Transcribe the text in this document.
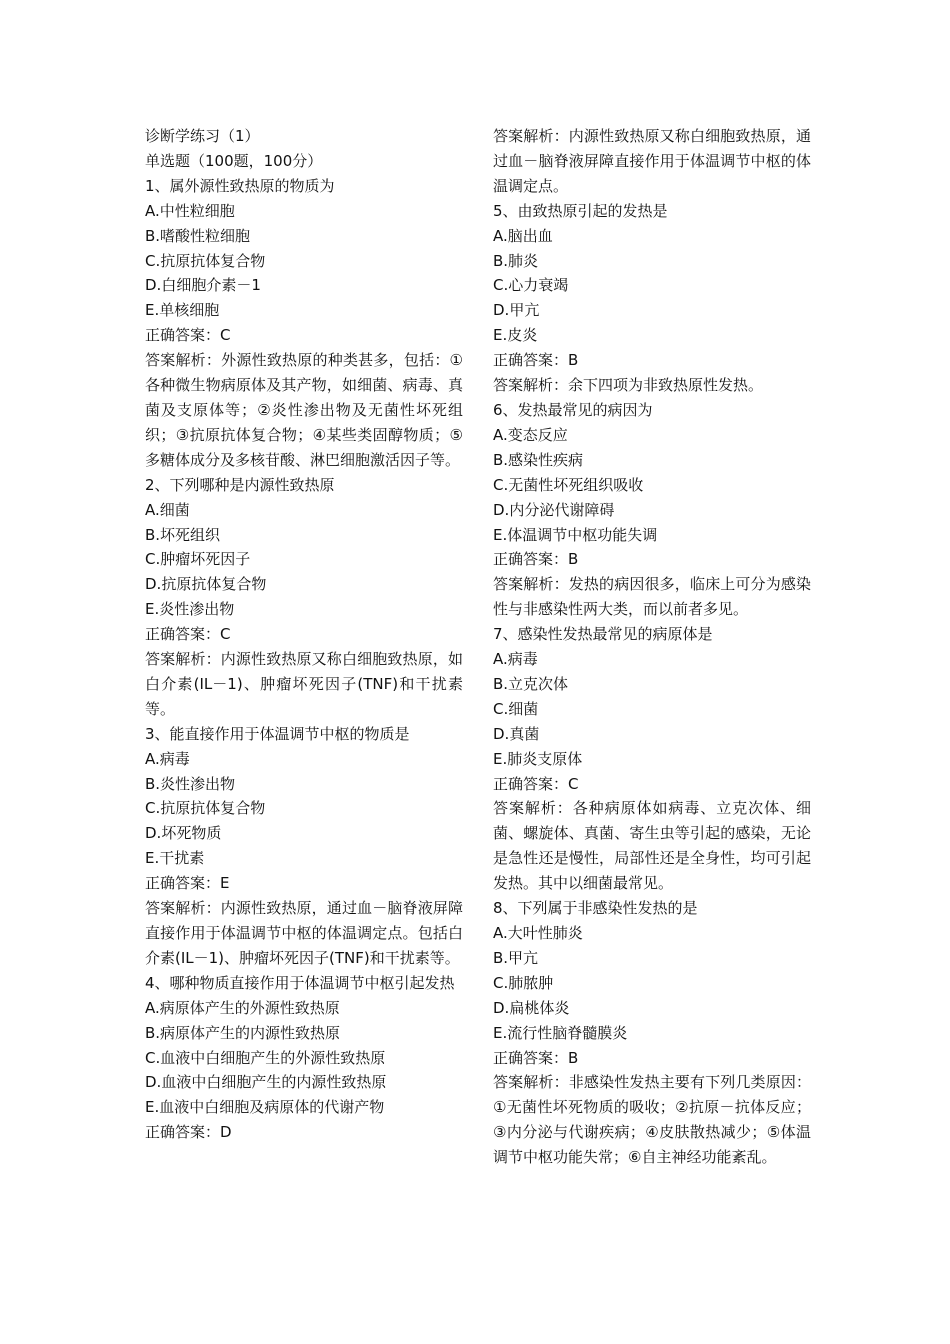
诊断学练习（1）
单选题（100题，100分）
1、属外源性致热原的物质为
A.中性粒细胞
B.嗜酸性粒细胞
C.抗原抗体复合物
D.白细胞介素－1
E.单核细胞
正确答案：C

答案解析：外源性致热原的种类甚多，包括：①各种微生物病原体及其产物，如细菌、病毒、真菌及支原体等；②炎性渗出物及无菌性坏死组织；③抗原抗体复合物；④某些类固醇物质；⑤多糖体成分及多核苷酸、淋巴细胞激活因子等。

2、下列哪种是内源性致热原
A.细菌
B.坏死组织
C.肿瘤坏死因子
D.抗原抗体复合物
E.炎性渗出物
正确答案：C

答案解析：内源性致热原又称白细胞致热原，如白介素(IL－1)、肿瘤坏死因子(TNF)和干扰素等。

3、能直接作用于体温调节中枢的物质是
A.病毒
B.炎性渗出物
C.抗原抗体复合物
D.坏死物质
E.干扰素
正确答案：E

答案解析：内源性致热原，通过血－脑脊液屏障直接作用于体温调节中枢的体温调定点。包括白介素(IL－1)、肿瘤坏死因子(TNF)和干扰素等。

4、哪种物质直接作用于体温调节中枢引起发热

A.病原体产生的外源性致热原
B.病原体产生的内源性致热原
C.血液中白细胞产生的外源性致热原
D.血液中白细胞产生的内源性致热原
E.血液中白细胞及病原体的代谢产物
正确答案：D

答案解析：内源性致热原又称白细胞致热原，通过血－脑脊液屏障直接作用于体温调节中枢的体温调定点。

5、由致热原引起的发热是
A.脑出血
B.肺炎
C.心力衰竭
D.甲亢
E.皮炎
正确答案：B

答案解析：余下四项为非致热原性发热。

6、发热最常见的病因为
A.变态反应
B.感染性疾病
C.无菌性坏死组织吸收
D.内分泌代谢障碍
E.体温调节中枢功能失调
正确答案：B

答案解析：发热的病因很多，临床上可分为感染性与非感染性两大类，而以前者多见。

7、感染性发热最常见的病原体是
A.病毒
B.立克次体
C.细菌
D.真菌
E.肺炎支原体
正确答案：C

答案解析：各种病原体如病毒、立克次体、细菌、螺旋体、真菌、寄生虫等引起的感染，无论是急性还是慢性，局部性还是全身性，均可引起发热。其中以细菌最常见。

8、下列属于非感染性发热的是
A.大叶性肺炎
B.甲亢
C.肺脓肿
D.扁桃体炎
E.流行性脑脊髓膜炎
正确答案：B

答案解析：非感染性发热主要有下列几类原因：①无菌性坏死物质的吸收；②抗原－抗体反应；③内分泌与代谢疾病；④皮肤散热减少；⑤体温调节中枢功能失常；⑥自主神经功能紊乱。
